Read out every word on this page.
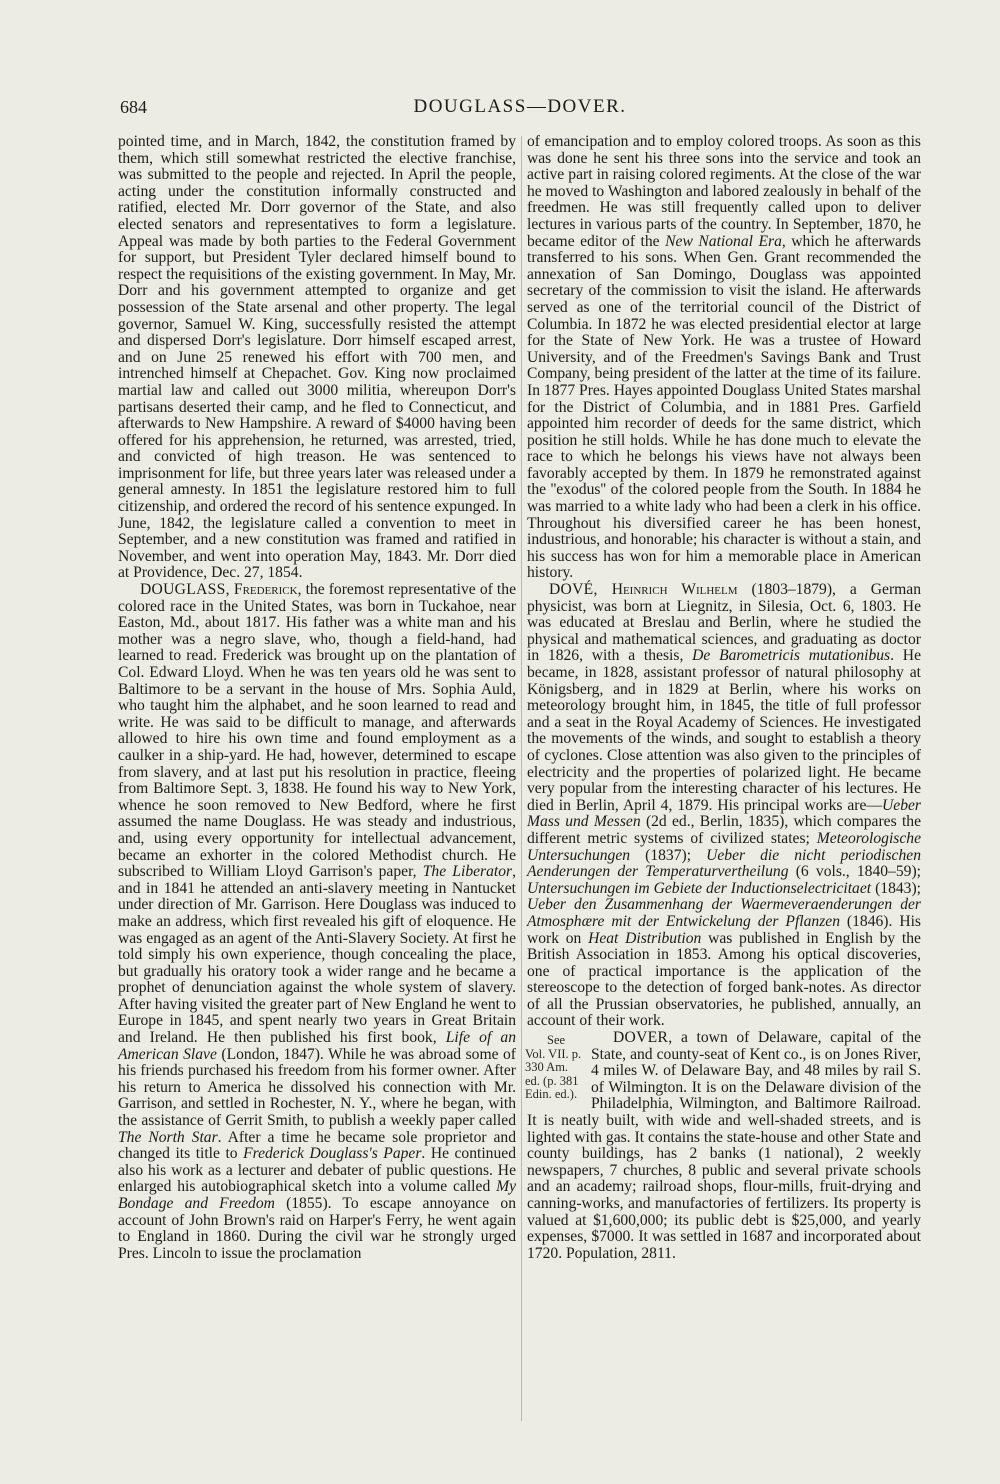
684	DOUGLASS—DOVER.

pointed time, and in March, 1842, the constitution framed by them, which still somewhat restricted the elective franchise, was submitted to the people and rejected. In April the people, acting under the constitution informally constructed and ratified, elected Mr. Dorr governor of the State, and also elected senators and representatives to form a legislature. Appeal was made by both parties to the Federal Government for support, but President Tyler declared himself bound to respect the requisitions of the existing government. In May, Mr. Dorr and his government attempted to organize and get possession of the State arsenal and other property. The legal governor, Samuel W. King, successfully resisted the attempt and dispersed Dorr's legislature. Dorr himself escaped arrest, and on June 25 renewed his effort with 700 men, and intrenched himself at Chepachet. Gov. King now proclaimed martial law and called out 3000 militia, whereupon Dorr's partisans deserted their camp, and he fled to Connecticut, and afterwards to New Hampshire. A reward of $4000 having been offered for his apprehension, he returned, was arrested, tried, and convicted of high treason. He was sentenced to imprisonment for life, but three years later was released under a general amnesty. In 1851 the legislature restored him to full citizenship, and ordered the record of his sentence expunged. In June, 1842, the legislature called a convention to meet in September, and a new constitution was framed and ratified in November, and went into operation May, 1843. Mr. Dorr died at Providence, Dec. 27, 1854.

DOUGLASS, Frederick, the foremost representative of the colored race in the United States, was born in Tuckahoe, near Easton, Md., about 1817. His father was a white man and his mother was a negro slave, who, though a field-hand, had learned to read. Frederick was brought up on the plantation of Col. Edward Lloyd. When he was ten years old he was sent to Baltimore to be a servant in the house of Mrs. Sophia Auld, who taught him the alphabet, and he soon learned to read and write. He was said to be difficult to manage, and afterwards allowed to hire his own time and found employment as a caulker in a ship-yard. He had, however, determined to escape from slavery, and at last put his resolution in practice, fleeing from Baltimore Sept. 3, 1838. He found his way to New York, whence he soon removed to New Bedford, where he first assumed the name Douglass. He was steady and industrious, and, using every opportunity for intellectual advancement, became an exhorter in the colored Methodist church. He subscribed to William Lloyd Garrison's paper, The Liberator, and in 1841 he attended an anti-slavery meeting in Nantucket under direction of Mr. Garrison. Here Douglass was induced to make an address, which first revealed his gift of eloquence. He was engaged as an agent of the Anti-Slavery Society. At first he told simply his own experience, though concealing the place, but gradually his oratory took a wider range and he became a prophet of denunciation against the whole system of slavery. After having visited the greater part of New England he went to Europe in 1845, and spent nearly two years in Great Britain and Ireland. He then published his first book, Life of an American Slave (London, 1847). While he was abroad some of his friends purchased his freedom from his former owner. After his return to America he dissolved his connection with Mr. Garrison, and settled in Rochester, N. Y., where he began, with the assistance of Gerrit Smith, to publish a weekly paper called The North Star. After a time he became sole proprietor and changed its title to Frederick Douglass's Paper. He continued also his work as a lecturer and debater of public questions. He enlarged his autobiographical sketch into a volume called My Bondage and Freedom (1855). To escape annoyance on account of John Brown's raid on Harper's Ferry, he went again to England in 1860. During the civil war he strongly urged Pres. Lincoln to issue the proclamation

of emancipation and to employ colored troops. As soon as this was done he sent his three sons into the service and took an active part in raising colored regiments. At the close of the war he moved to Washington and labored zealously in behalf of the freedmen. He was still frequently called upon to deliver lectures in various parts of the country. In September, 1870, he became editor of the New National Era, which he afterwards transferred to his sons. When Gen. Grant recommended the annexation of San Domingo, Douglass was appointed secretary of the commission to visit the island. He afterwards served as one of the territorial council of the District of Columbia. In 1872 he was elected presidential elector at large for the State of New York. He was a trustee of Howard University, and of the Freedmen's Savings Bank and Trust Company, being president of the latter at the time of its failure. In 1877 Pres. Hayes appointed Douglass United States marshal for the District of Columbia, and in 1881 Pres. Garfield appointed him recorder of deeds for the same district, which position he still holds. While he has done much to elevate the race to which he belongs his views have not always been favorably accepted by them. In 1879 he remonstrated against the ''exodus'' of the colored people from the South. In 1884 he was married to a white lady who had been a clerk in his office. Throughout his diversified career he has been honest, industrious, and honorable; his character is without a stain, and his success has won for him a memorable place in American history.

DOVÉ, Heinrich Wilhelm (1803–1879), a German physicist, was born at Liegnitz, in Silesia, Oct. 6, 1803. He was educated at Breslau and Berlin, where he studied the physical and mathematical sciences, and graduating as doctor in 1826, with a thesis, De Barometricis mutationibus. He became, in 1828, assistant professor of natural philosophy at Königsberg, and in 1829 at Berlin, where his works on meteorology brought him, in 1845, the title of full professor and a seat in the Royal Academy of Sciences. He investigated the movements of the winds, and sought to establish a theory of cyclones. Close attention was also given to the principles of electricity and the properties of polarized light. He became very popular from the interesting character of his lectures. He died in Berlin, April 4, 1879. His principal works are—Ueber Mass und Messen (2d ed., Berlin, 1835), which compares the different metric systems of civilized states; Meteorologische Untersuchungen (1837); Ueber die nicht periodischen Aenderungen der Temperaturvertheilung (6 vols., 1840–59); Untersuchungen im Gebiete der Inductionselectricitaet (1843); Ueber den Zusammenhang der Waermeveraenderungen der Atmosphære mit der Entwickelung der Pflanzen (1846). His work on Heat Distribution was published in English by the British Association in 1853. Among his optical discoveries, one of practical importance is the application of the stereoscope to the detection of forged bank-notes. As director of all the Prussian observatories, he published, annually, an account of their work.

DOVER,
See Vol. VII. p. 330 Am. ed. (p. 381 Edin. ed.).
a town of Delaware, capital of the State, and county-seat of Kent co., is on Jones River, 4 miles W. of Delaware Bay, and 48 miles by rail S. of Wilmington. It is on the Delaware division of the Philadelphia, Wilmington, and Baltimore Railroad. It is neatly built, with wide and well-shaded streets, and is lighted with gas. It contains the state-house and other State and county buildings, has 2 banks (1 national), 2 weekly newspapers, 7 churches, 8 public and several private schools and an academy; railroad shops, flour-mills, fruit-drying and canning-works, and manufactories of fertilizers. Its property is valued at $1,600,000; its public debt is $25,000, and yearly expenses, $7000. It was settled in 1687 and incorporated about 1720. Population, 2811.
